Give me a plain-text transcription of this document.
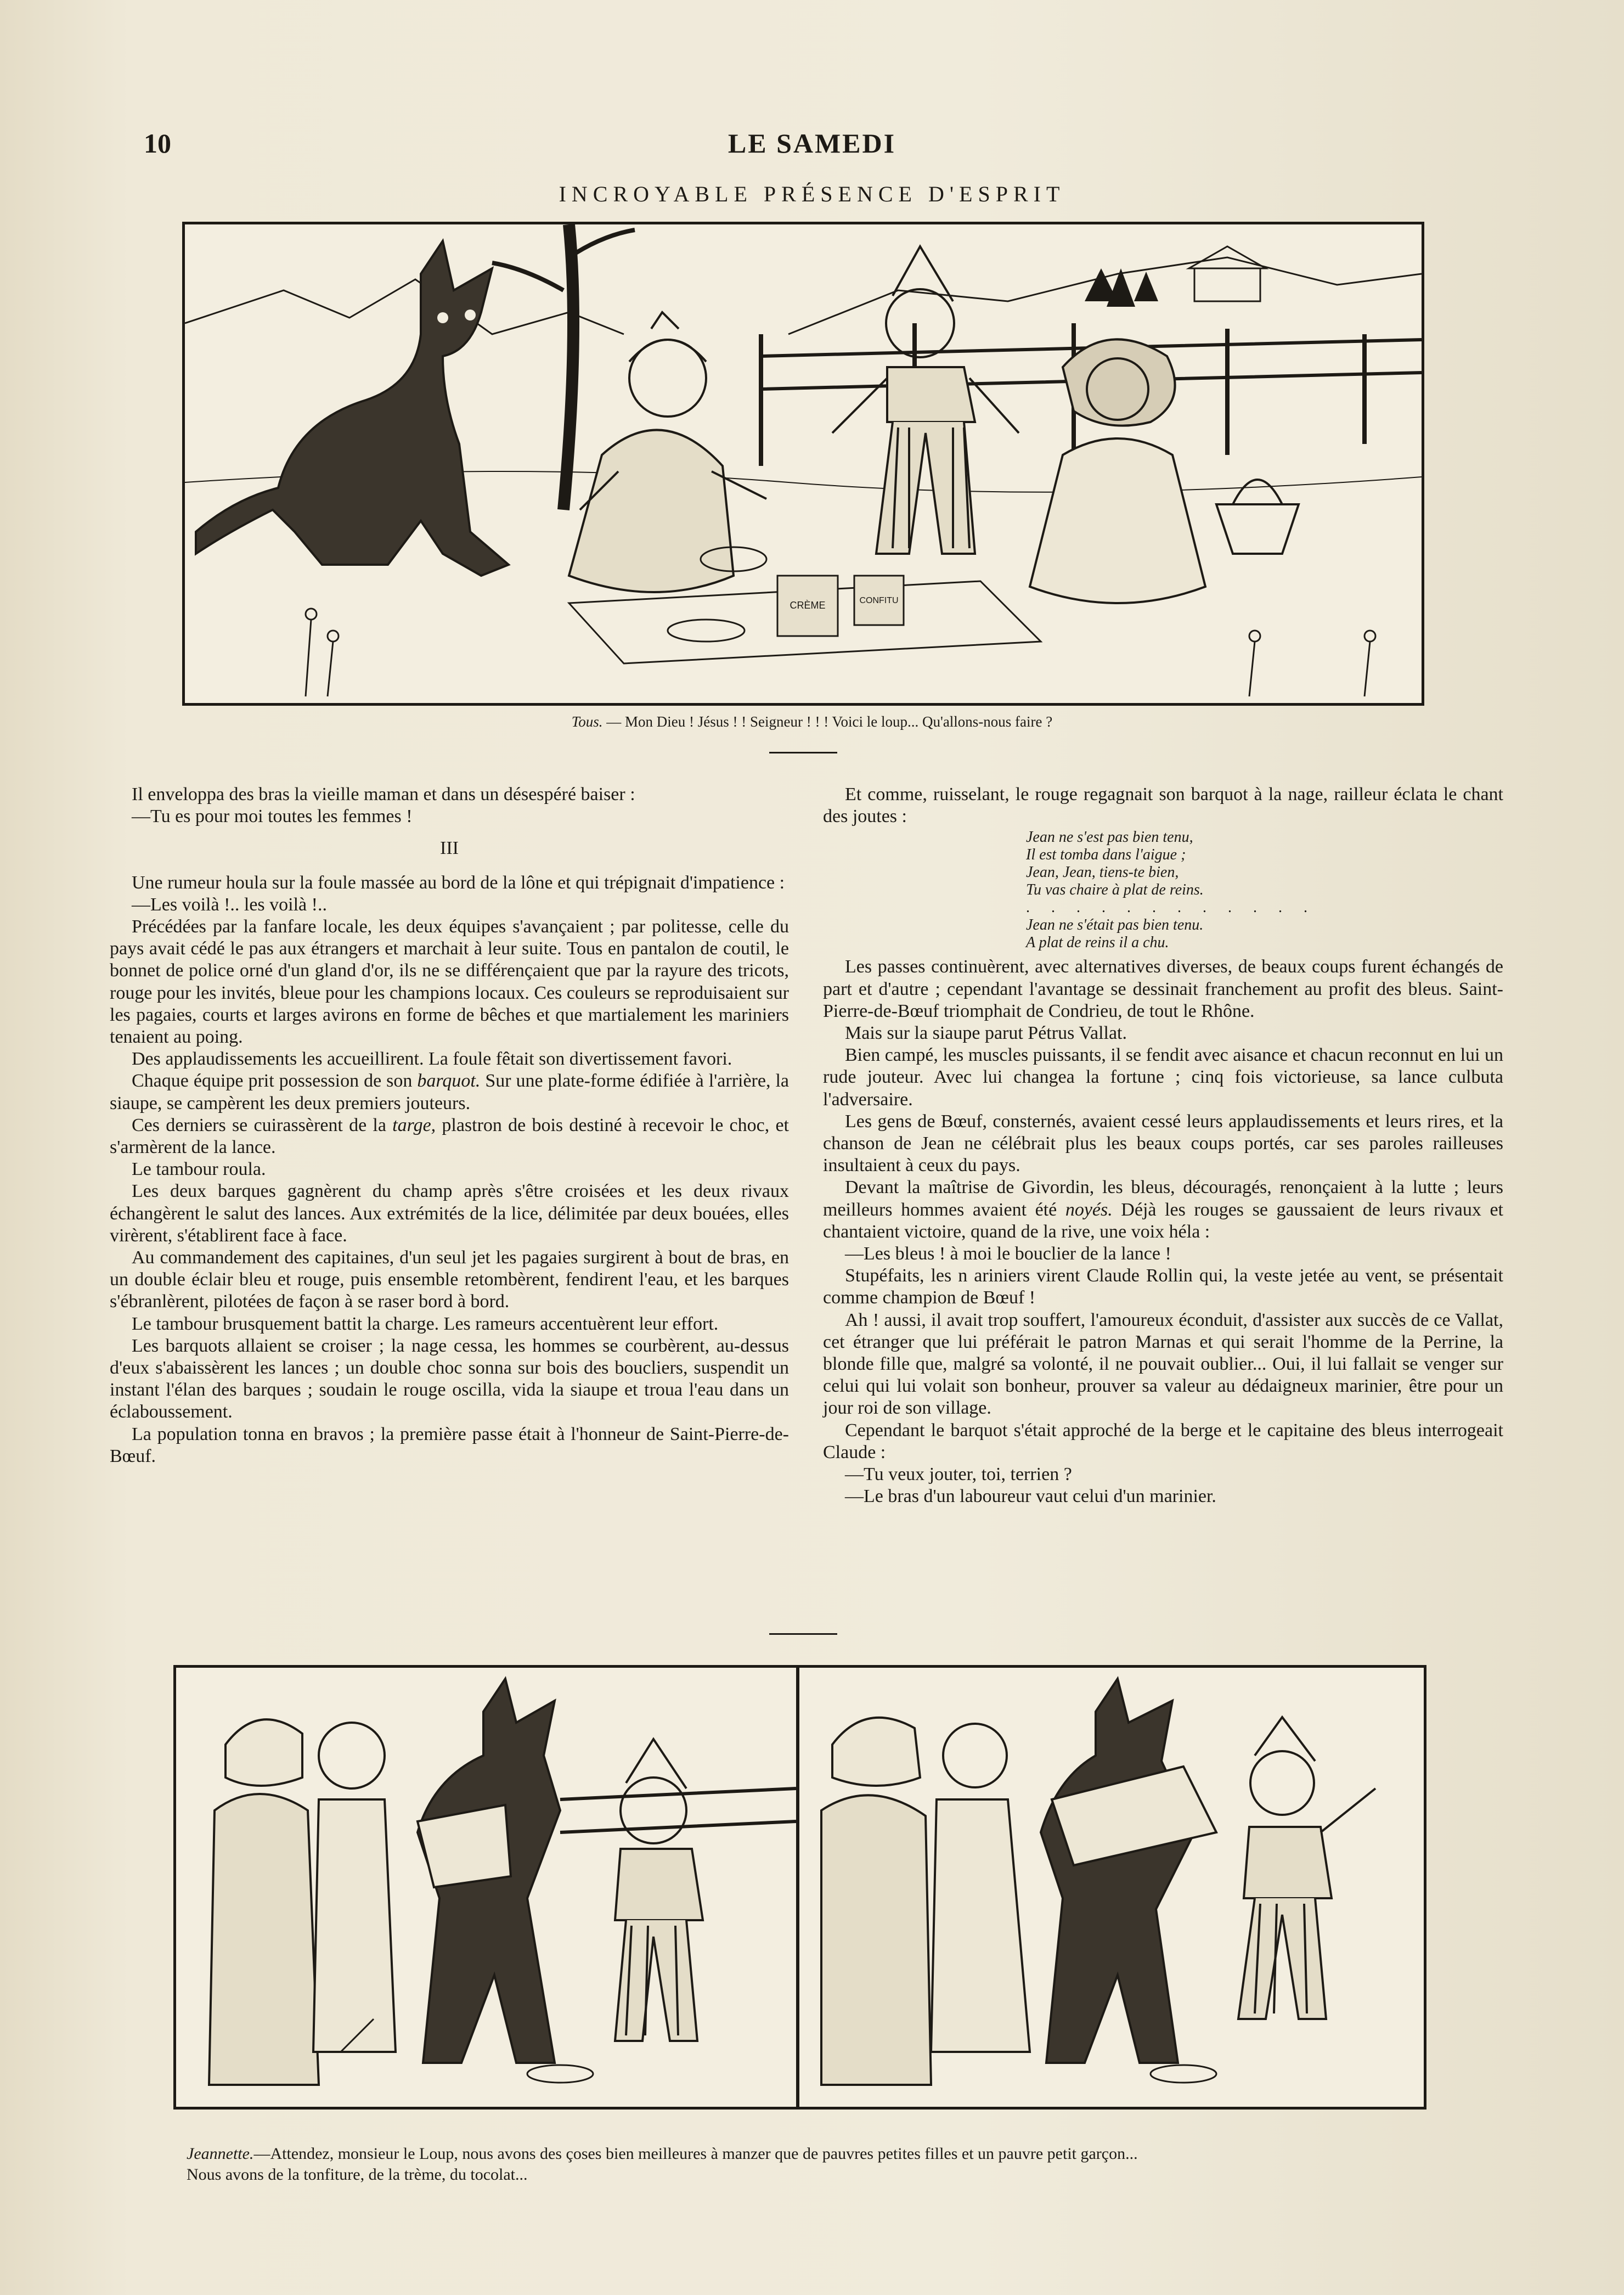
10	LE SAMEDI
INCROYABLE PRÉSENCE D'ESPRIT
CRÈME	CONFITU
Tous. — Mon Dieu ! Jésus ! ! Seigneur ! ! ! Voici le loup... Qu'allons-nous faire ?

Il enveloppa des bras la vieille maman et dans un désespéré baiser :

—Tu es pour moi toutes les femmes !

III

Une rumeur houla sur la foule massée au bord de la lône et qui trépignait d'impatience :

—Les voilà !.. les voilà !..

Précédées par la fanfare locale, les deux équipes s'avançaient ; par politesse, celle du pays avait cédé le pas aux étrangers et marchait à leur suite. Tous en pantalon de coutil, le bonnet de police orné d'un gland d'or, ils ne se différençaient que par la rayure des tricots, rouge pour les invités, bleue pour les champions locaux. Ces couleurs se reproduisaient sur les pagaies, courts et larges avirons en forme de bêches et que martialement les mariniers tenaient au poing.

Des applaudissements les accueillirent. La foule fêtait son divertissement favori.

Chaque équipe prit possession de son barquot. Sur une plate-forme édifiée à l'arrière, la siaupe, se campèrent les deux premiers jouteurs.

Ces derniers se cuirassèrent de la targe, plastron de bois destiné à recevoir le choc, et s'armèrent de la lance.

Le tambour roula.

Les deux barques gagnèrent du champ après s'être croisées et les deux rivaux échangèrent le salut des lances. Aux extrémités de la lice, délimitée par deux bouées, elles virèrent, s'établirent face à face.

Au commandement des capitaines, d'un seul jet les pagaies surgirent à bout de bras, en un double éclair bleu et rouge, puis ensemble retombèrent, fendirent l'eau, et les barques s'ébranlèrent, pilotées de façon à se raser bord à bord.

Le tambour brusquement battit la charge. Les rameurs accentuèrent leur effort.

Les barquots allaient se croiser ; la nage cessa, les hommes se courbèrent, au-dessus d'eux s'abaissèrent les lances ; un double choc sonna sur bois des boucliers, suspendit un instant l'élan des barques ; soudain le rouge oscilla, vida la siaupe et troua l'eau dans un éclaboussement.

La population tonna en bravos ; la première passe était à l'honneur de Saint-Pierre-de-Bœuf.

Et comme, ruisselant, le rouge regagnait son barquot à la nage, railleur éclata le chant des joutes :

Jean ne s'est pas bien tenu,
Il est tomba dans l'aigue ;
Jean, Jean, tiens-te bien,
Tu vas chaire à plat de reins.
. . . . . . . . . . . .
Jean ne s'était pas bien tenu.
A plat de reins il a chu.

Les passes continuèrent, avec alternatives diverses, de beaux coups furent échangés de part et d'autre ; cependant l'avantage se dessinait franchement au profit des bleus. Saint-Pierre-de-Bœuf triomphait de Condrieu, de tout le Rhône.

Mais sur la siaupe parut Pétrus Vallat.

Bien campé, les muscles puissants, il se fendit avec aisance et chacun reconnut en lui un rude jouteur. Avec lui changea la fortune ; cinq fois victorieuse, sa lance culbuta l'adversaire.

Les gens de Bœuf, consternés, avaient cessé leurs applaudissements et leurs rires, et la chanson de Jean ne célébrait plus les beaux coups portés, car ses paroles railleuses insultaient à ceux du pays.

Devant la maîtrise de Givordin, les bleus, découragés, renonçaient à la lutte ; leurs meilleurs hommes avaient été noyés. Déjà les rouges se gaussaient de leurs rivaux et chantaient victoire, quand de la rive, une voix héla :

—Les bleus ! à moi le bouclier de la lance !

Stupéfaits, les n ariniers virent Claude Rollin qui, la veste jetée au vent, se présentait comme champion de Bœuf !

Ah ! aussi, il avait trop souffert, l'amoureux éconduit, d'assister aux succès de ce Vallat, cet étranger que lui préférait le patron Marnas et qui serait l'homme de la Perrine, la blonde fille que, malgré sa volonté, il ne pouvait oublier... Oui, il lui fallait se venger sur celui qui lui volait son bonheur, prouver sa valeur au dédaigneux marinier, être pour un jour roi de son village.

Cependant le barquot s'était approché de la berge et le capitaine des bleus interrogeait Claude :

—Tu veux jouter, toi, terrien ?

—Le bras d'un laboureur vaut celui d'un marinier.

Jeannette.—Attendez, monsieur le Loup, nous avons des çoses bien meilleures à manzer que de pauvres petites filles et un pauvre petit garçon...
Nous avons de la tonfiture, de la trème, du tocolat...
